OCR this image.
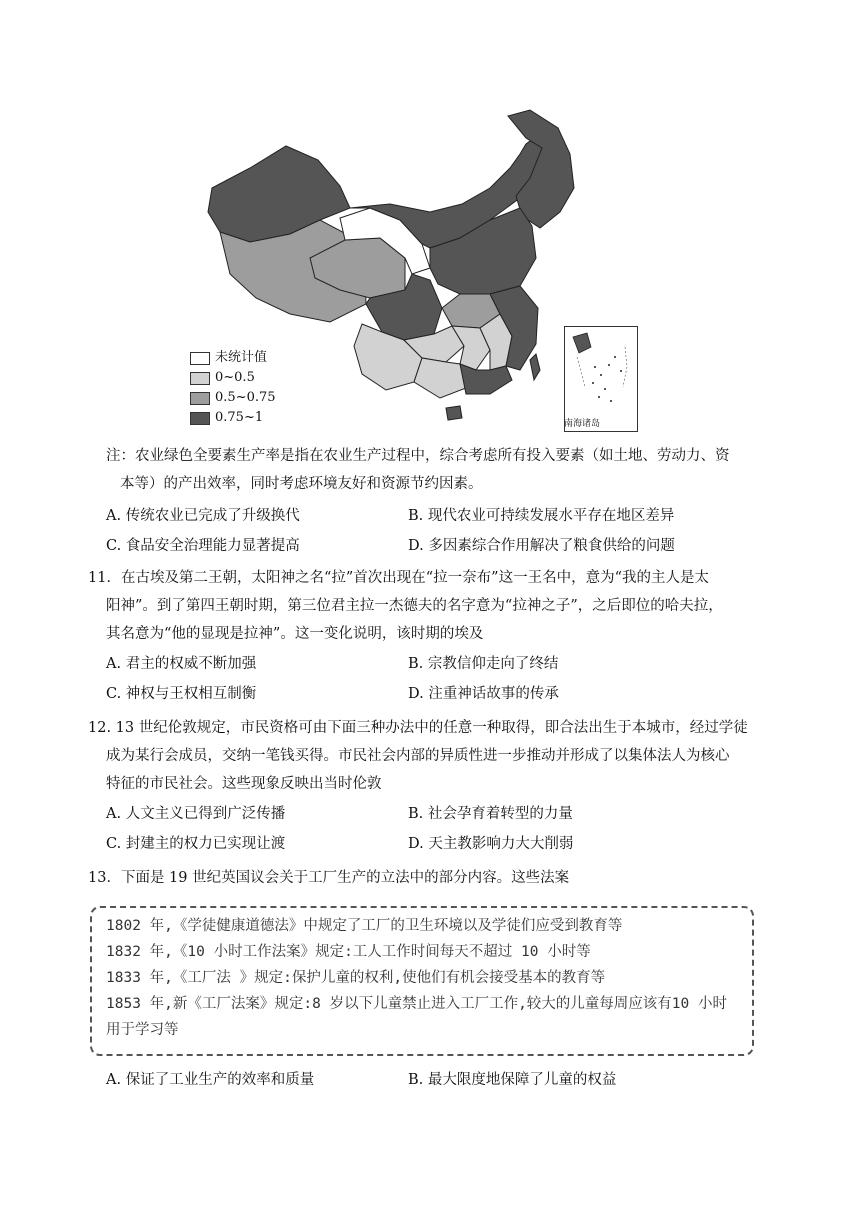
未统计值
0~0.5
0.5~0.75
0.75~1	南海诸岛
注：农业绿色全要素生产率是指在农业生产过程中，综合考虑所有投入要素（如土地、劳动力、资
本等）的产出效率，同时考虑环境友好和资源节约因素。
A. 传统农业已完成了升级换代	B. 现代农业可持续发展水平存在地区差异
C. 食品安全治理能力显著提高	D. 多因素综合作用解决了粮食供给的问题
11．在古埃及第二王朝，太阳神之名“拉”首次出现在“拉一奈布”这一王名中，意为“我的主人是太
阳神”。到了第四王朝时期，第三位君主拉一杰德夫的名字意为“拉神之子”，之后即位的哈夫拉，
其名意为“他的显现是拉神”。这一变化说明，该时期的埃及
A. 君主的权威不断加强	B. 宗教信仰走向了终结
C. 神权与王权相互制衡	D. 注重神话故事的传承
12. 13 世纪伦敦规定，市民资格可由下面三种办法中的任意一种取得，即合法出生于本城市，经过学徒
成为某行会成员，交纳一笔钱买得。市民社会内部的异质性进一步推动并形成了以集体法人为核心
特征的市民社会。这些现象反映出当时伦敦
A. 人文主义已得到广泛传播	B. 社会孕育着转型的力量
C. 封建主的权力已实现让渡	D. 天主教影响力大大削弱
13．下面是 19 世纪英国议会关于工厂生产的立法中的部分内容。这些法案
1802 年,《学徒健康道德法》中规定了工厂的卫生环境以及学徒们应受到教育等
1832 年,《10 小时工作法案》规定:工人工作时间每天不超过 10 小时等
1833 年,《工厂法 》规定:保护儿童的权利,使他们有机会接受基本的教育等
1853 年,新《工厂法案》规定:8 岁以下儿童禁止进入工厂工作,较大的儿童每周应该有10 小时
用于学习等
A. 保证了工业生产的效率和质量	B. 最大限度地保障了儿童的权益
